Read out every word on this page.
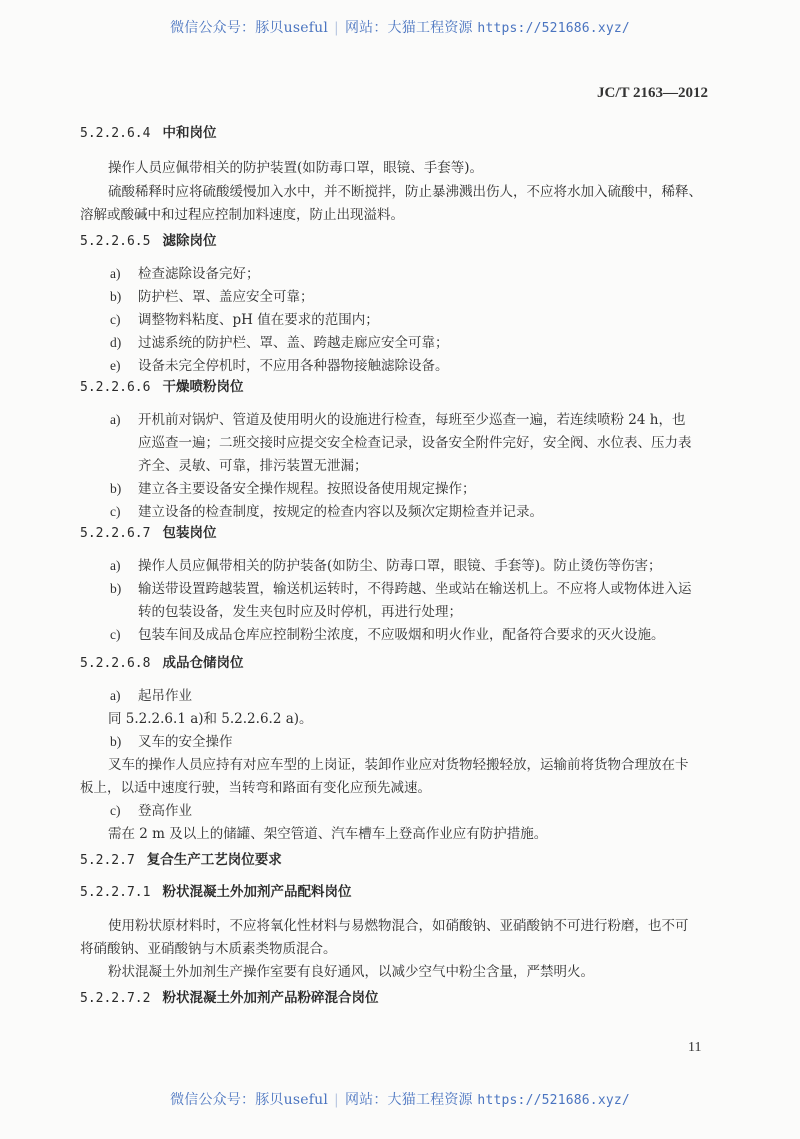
微信公众号：豚贝useful | 网站：大猫工程资源 https://521686.xyz/
JC/T 2163—2012
5.2.2.6.4 中和岗位
操作人员应佩带相关的防护装置(如防毒口罩，眼镜、手套等)。
硫酸稀释时应将硫酸缓慢加入水中，并不断搅拌，防止暴沸溅出伤人，不应将水加入硫酸中，稀释、
溶解或酸碱中和过程应控制加料速度，防止出现溢料。
5.2.2.6.5 滤除岗位
a) 检查滤除设备完好；
b) 防护栏、罩、盖应安全可靠；
c) 调整物料粘度、pH 值在要求的范围内；
d) 过滤系统的防护栏、罩、盖、跨越走廊应安全可靠；
e) 设备未完全停机时，不应用各种器物接触滤除设备。
5.2.2.6.6 干燥喷粉岗位
a) 开机前对锅炉、管道及使用明火的设施进行检查，每班至少巡查一遍，若连续喷粉 24 h，也
应巡查一遍；二班交接时应提交安全检查记录，设备安全附件完好，安全阀、水位表、压力表
齐全、灵敏、可靠，排污装置无泄漏；
b) 建立各主要设备安全操作规程。按照设备使用规定操作；
c) 建立设备的检查制度，按规定的检查内容以及频次定期检查并记录。
5.2.2.6.7 包装岗位
a) 操作人员应佩带相关的防护装备(如防尘、防毒口罩，眼镜、手套等)。防止烫伤等伤害；
b) 输送带设置跨越装置，输送机运转时，不得跨越、坐或站在输送机上。不应将人或物体进入运
转的包装设备，发生夹包时应及时停机，再进行处理；
c) 包装车间及成品仓库应控制粉尘浓度，不应吸烟和明火作业，配备符合要求的灭火设施。
5.2.2.6.8 成品仓储岗位
a) 起吊作业
同 5.2.2.6.1 a)和 5.2.2.6.2 a)。
b) 叉车的安全操作
叉车的操作人员应持有对应车型的上岗证，装卸作业应对货物轻搬轻放，运输前将货物合理放在卡
板上，以适中速度行驶，当转弯和路面有变化应预先减速。
c) 登高作业
需在 2 m 及以上的储罐、架空管道、汽车槽车上登高作业应有防护措施。
5.2.2.7 复合生产工艺岗位要求
5.2.2.7.1 粉状混凝土外加剂产品配料岗位
使用粉状原材料时，不应将氧化性材料与易燃物混合，如硝酸钠、亚硝酸钠不可进行粉磨，也不可
将硝酸钠、亚硝酸钠与木质素类物质混合。
粉状混凝土外加剂生产操作室要有良好通风，以减少空气中粉尘含量，严禁明火。
5.2.2.7.2 粉状混凝土外加剂产品粉碎混合岗位
11
微信公众号：豚贝useful | 网站：大猫工程资源 https://521686.xyz/
